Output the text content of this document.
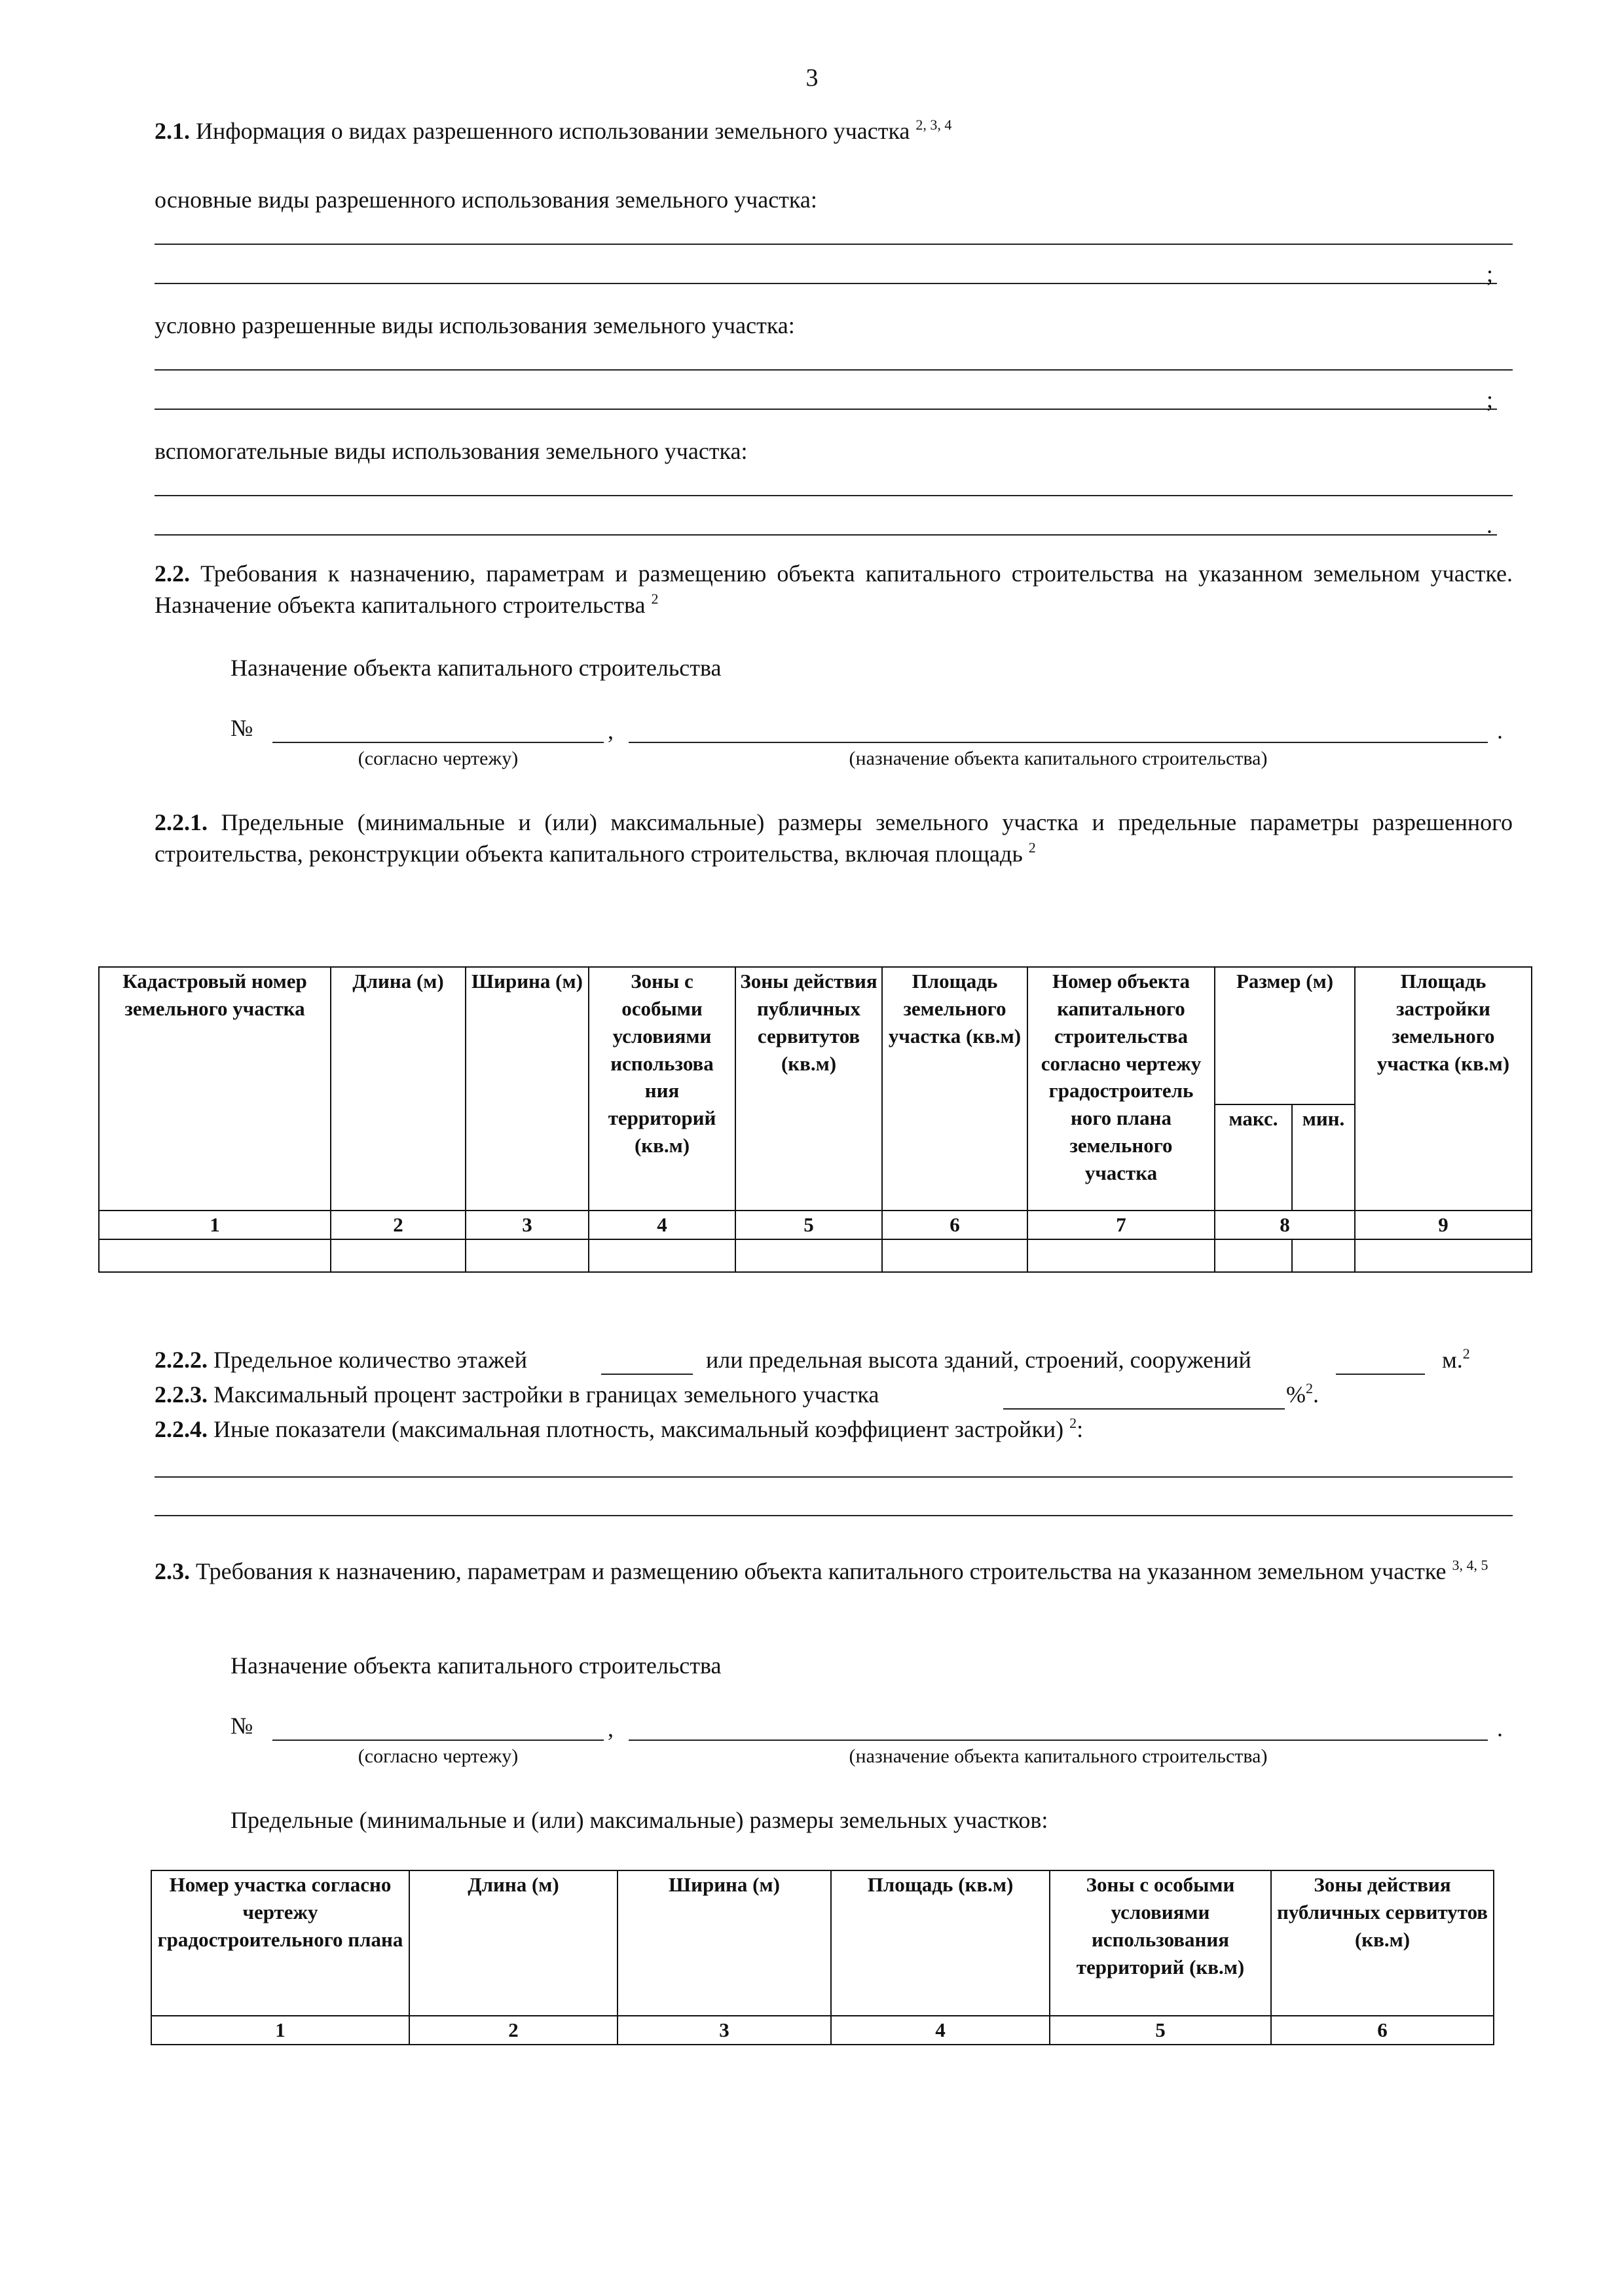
3
2.1. Информация о видах разрешенного использовании земельного участка $^{2, 3, 4}$
основные виды разрешенного использования земельного участка:
;
условно разрешенные виды использования земельного участка:
;
вспомогательные виды использования земельного участка:
.
2.2. Требования к назначению, параметрам и размещению объекта капитального строительства на указанном земельном участке. Назначение объекта капитального строительства $^2$
Назначение объекта капитального строительства
№	,	.
(согласно чертежу)	(назначение объекта капитального строительства)
2.2.1. Предельные (минимальные и (или) максимальные) размеры земельного участка и предельные параметры разрешенного строительства, реконструкции объекта капитального строительства, включая площадь $^2$
Кадастровый номер земельного участка	Длина (м)	Ширина (м)	Зоны с особыми условиями использова ния территорий (кв.м)	Зоны действия публичных сервитутов (кв.м)	Площадь земельного участка (кв.м)	Номер объекта капитального строительства согласно чертежу градостроитель ного плана земельного участка	Размер (м)		Площадь застройки земельного участка (кв.м)
							макс.	мин.	
1	2	3	4	5	6	7	8		9

2.2.2. Предельное количество этажей	или предельная высота зданий, строений, сооружений	м.$^2$
2.2.3. Максимальный процент застройки в границах земельного участка	%$^2$.
2.2.4. Иные показатели (максимальная плотность, максимальный коэффициент застройки) $^2$:
2.3. Требования к назначению, параметрам и размещению объекта капитального строительства на указанном земельном участке $^{3, 4, 5}$
Назначение объекта капитального строительства
№	,	.
(согласно чертежу)	(назначение объекта капитального строительства)
Предельные (минимальные и (или) максимальные) размеры земельных участков:
Номер участка согласно чертежу градостроительного плана	Длина (м)	Ширина (м)	Площадь (кв.м)	Зоны с особыми условиями использования территорий (кв.м)	Зоны действия публичных сервитутов (кв.м)
1	2	3	4	5	6
